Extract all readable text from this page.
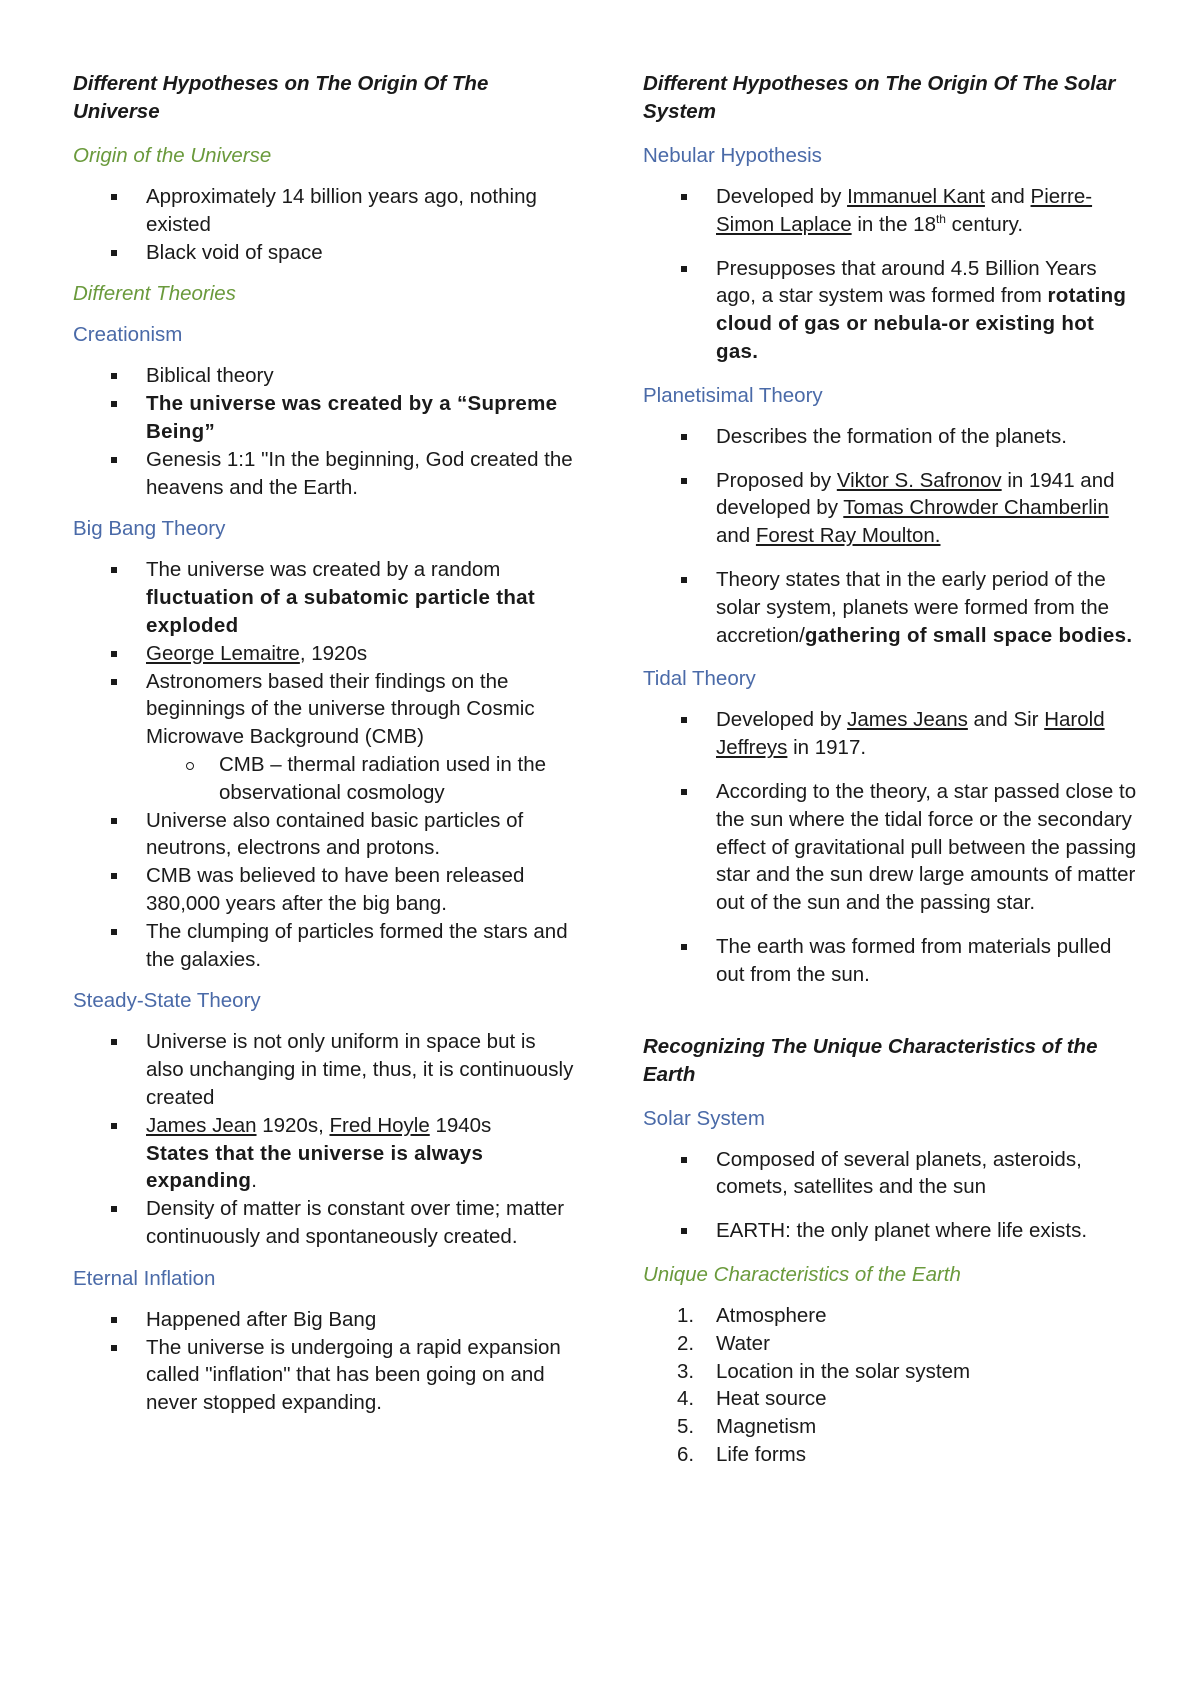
Different Hypotheses on The Origin Of The Universe
Origin of the Universe
Approximately 14 billion years ago, nothing existed
Black void of space
Different Theories
Creationism
Biblical theory
The universe was created by a “Supreme Being”
Genesis 1:1 "In the beginning, God created the heavens and the Earth.
Big Bang Theory
The universe was created by a random fluctuation of a subatomic particle that exploded
George Lemaitre, 1920s
Astronomers based their findings on the beginnings of the universe through Cosmic Microwave Background (CMB)
CMB – thermal radiation used in the observational cosmology
Universe also contained basic particles of neutrons, electrons and protons.
CMB was believed to have been released 380,000 years after the big bang.
The clumping of particles formed the stars and the galaxies.
Steady-State Theory
Universe is not only uniform in space but is also unchanging in time, thus, it is continuously created
James Jean 1920s, Fred Hoyle 1940s
States that the universe is always expanding.
Density of matter is constant over time; matter continuously and spontaneously created.
Eternal Inflation
Happened after Big Bang
The universe is undergoing a rapid expansion called "inflation" that has been going on and never stopped expanding.
Different Hypotheses on The Origin Of The Solar System
Nebular Hypothesis
Developed by Immanuel Kant and Pierre-Simon Laplace in the 18th century.
Presupposes that around 4.5 Billion Years ago, a star system was formed from rotating cloud of gas or nebula-or existing hot gas.
Planetisimal Theory
Describes the formation of the planets.
Proposed by Viktor S. Safronov in 1941 and developed by Tomas Chrowder Chamberlin and Forest Ray Moulton.
Theory states that in the early period of the solar system, planets were formed from the accretion/gathering of small space bodies.
Tidal Theory
Developed by James Jeans and Sir Harold Jeffreys in 1917.
According to the theory, a star passed close to the sun where the tidal force or the secondary effect of gravitational pull between the passing star and the sun drew large amounts of matter out of the sun and the passing star.
The earth was formed from materials pulled out from the sun.
Recognizing The Unique Characteristics of the Earth
Solar System
Composed of several planets, asteroids, comets, satellites and the sun
EARTH: the only planet where life exists.
Unique Characteristics of the Earth
1. Atmosphere
2. Water
3. Location in the solar system
4. Heat source
5. Magnetism
6. Life forms
